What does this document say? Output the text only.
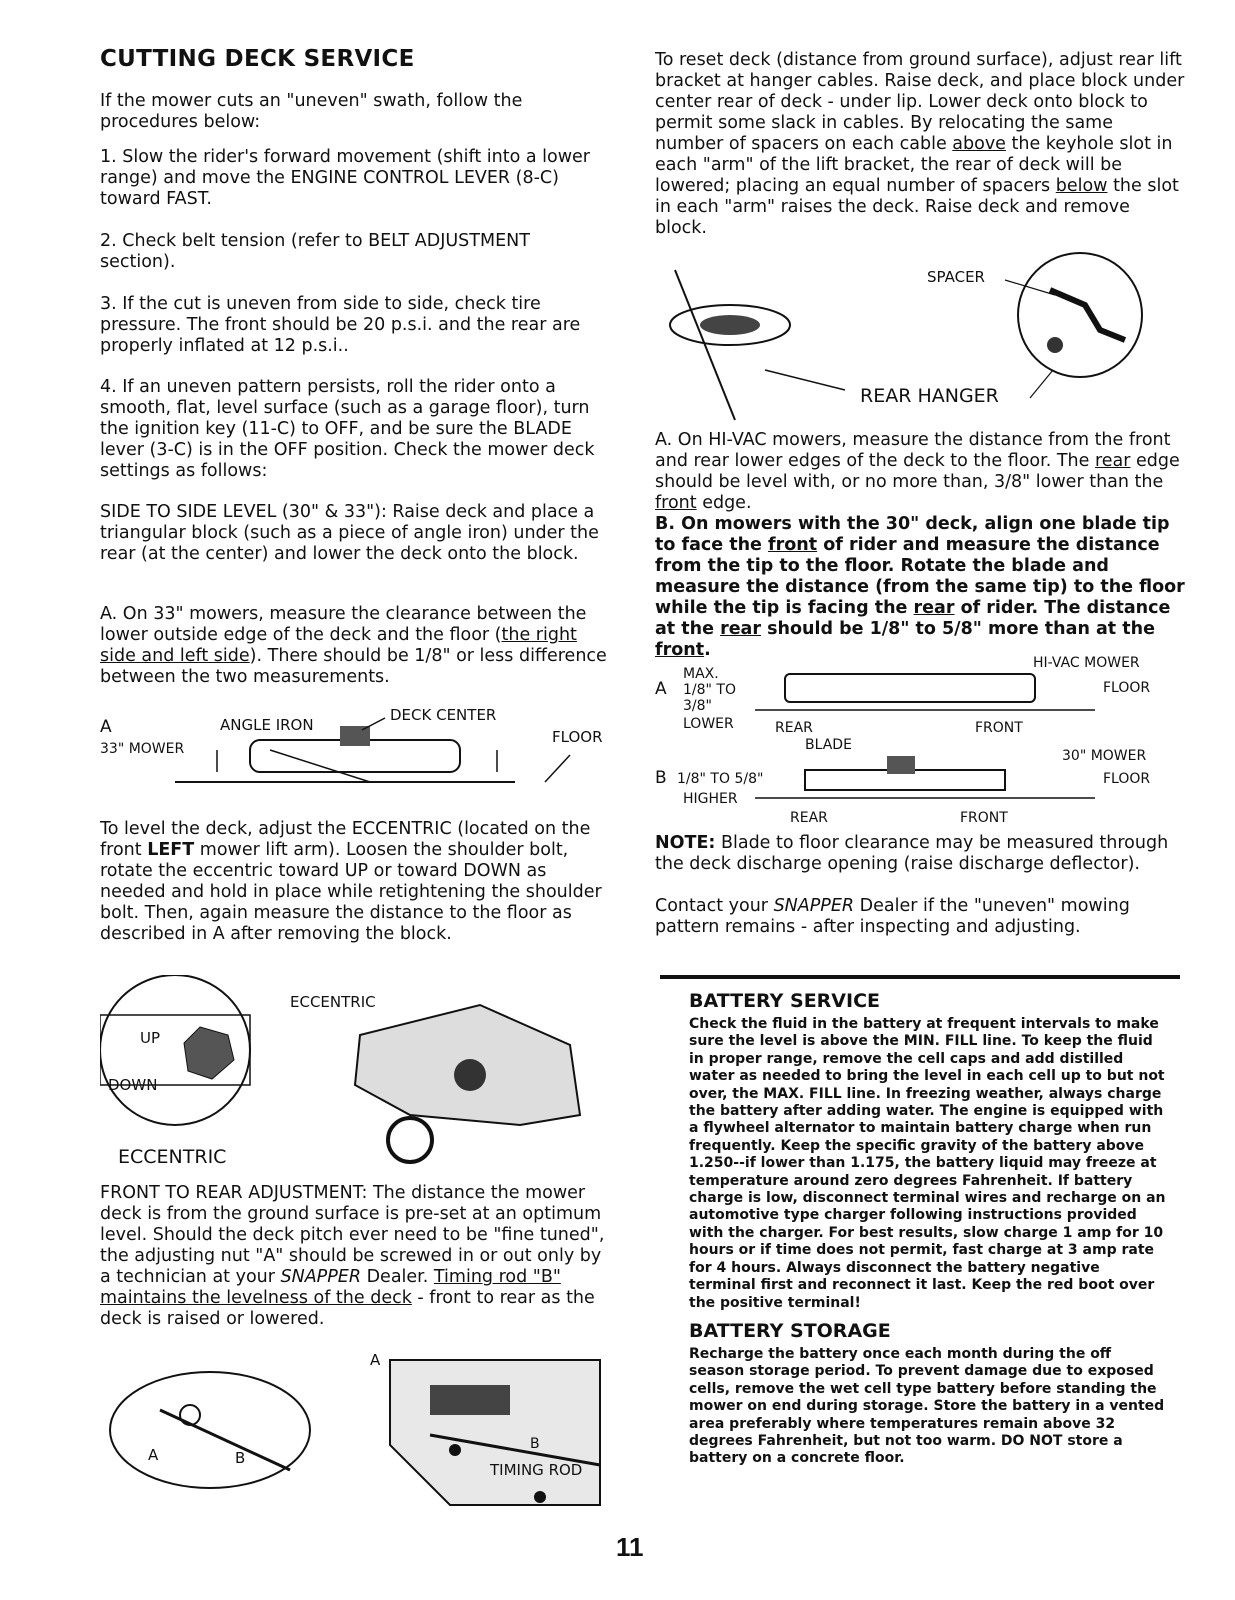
CUTTING DECK SERVICE

If the mower cuts an "uneven" swath, follow the procedures below:

1. Slow the rider's forward movement (shift into a lower range) and move the ENGINE CONTROL LEVER (8-C) toward FAST.

2. Check belt tension (refer to BELT ADJUSTMENT section).

3. If the cut is uneven from side to side, check tire pressure. The front should be 20 p.s.i. and the rear are properly inflated at 12 p.s.i..

4. If an uneven pattern persists, roll the rider onto a smooth, flat, level surface (such as a garage floor), turn the ignition key (11-C) to OFF, and be sure the BLADE lever (3-C) is in the OFF position. Check the mower deck settings as follows:

SIDE TO SIDE LEVEL (30" & 33"): Raise deck and place a triangular block (such as a piece of angle iron) under the rear (at the center) and lower the deck onto the block.

A. On 33" mowers, measure the clearance between the lower outside edge of the deck and the floor (the right side and left side). There should be 1/8" or less difference between the two measurements.

A
33" MOWER
ANGLE IRON
DECK CENTER
FLOOR

To level the deck, adjust the ECCENTRIC (located on the front LEFT mower lift arm). Loosen the shoulder bolt, rotate the eccentric toward UP or toward DOWN as needed and hold in place while retightening the shoulder bolt. Then, again measure the distance to the floor as described in A after removing the block.

UP
DOWN
ECCENTRIC
ECCENTRIC

FRONT TO REAR ADJUSTMENT: The distance the mower deck is from the ground surface is pre-set at an optimum level. Should the deck pitch ever need to be "fine tuned", the adjusting nut "A" should be screwed in or out only by a technician at your SNAPPER Dealer. Timing rod "B" maintains the levelness of the deck - front to rear as the deck is raised or lowered.

A	B
A
B
TIMING ROD

To reset deck (distance from ground surface), adjust rear lift bracket at hanger cables. Raise deck, and place block under center rear of deck - under lip. Lower deck onto block to permit some slack in cables. By relocating the same number of spacers on each cable above the keyhole slot in each "arm" of the lift bracket, the rear of deck will be lowered; placing an equal number of spacers below the slot in each "arm" raises the deck. Raise deck and remove block.

SPACER
REAR HANGER

A. On HI-VAC mowers, measure the distance from the front and rear lower edges of the deck to the floor. The rear edge should be level with, or no more than, 3/8" lower than the front edge.

B. On mowers with the 30" deck, align one blade tip to face the front of rider and measure the distance from the tip to the floor. Rotate the blade and measure the distance (from the same tip) to the floor while the tip is facing the rear of rider. The distance at the rear should be 1/8" to 5/8" more than at the front.

HI-VAC MOWER
MAX.
A 1/8" TO
3/8"
LOWER
FLOOR
REAR	FRONT
BLADE
30" MOWER
B 1/8" TO 5/8"
HIGHER
FLOOR
REAR	FRONT

NOTE: Blade to floor clearance may be measured through the deck discharge opening (raise discharge deflector).

Contact your SNAPPER Dealer if the "uneven" mowing pattern remains - after inspecting and adjusting.

BATTERY SERVICE

Check the fluid in the battery at frequent intervals to make sure the level is above the MIN. FILL line. To keep the fluid in proper range, remove the cell caps and add distilled water as needed to bring the level in each cell up to but not over, the MAX. FILL line. In freezing weather, always charge the battery after adding water. The engine is equipped with a flywheel alternator to maintain battery charge when run frequently. Keep the specific gravity of the battery above 1.250--if lower than 1.175, the battery liquid may freeze at temperature around zero degrees Fahrenheit. If battery charge is low, disconnect terminal wires and recharge on an automotive type charger following instructions provided with the charger. For best results, slow charge 1 amp for 10 hours or if time does not permit, fast charge at 3 amp rate for 4 hours. Always disconnect the battery negative terminal first and reconnect it last. Keep the red boot over the positive terminal!

BATTERY STORAGE

Recharge the battery once each month during the off season storage period. To prevent damage due to exposed cells, remove the wet cell type battery before standing the mower on end during storage. Store the battery in a vented area preferably where temperatures remain above 32 degrees Fahrenheit, but not too warm. DO NOT store a battery on a concrete floor.

11
